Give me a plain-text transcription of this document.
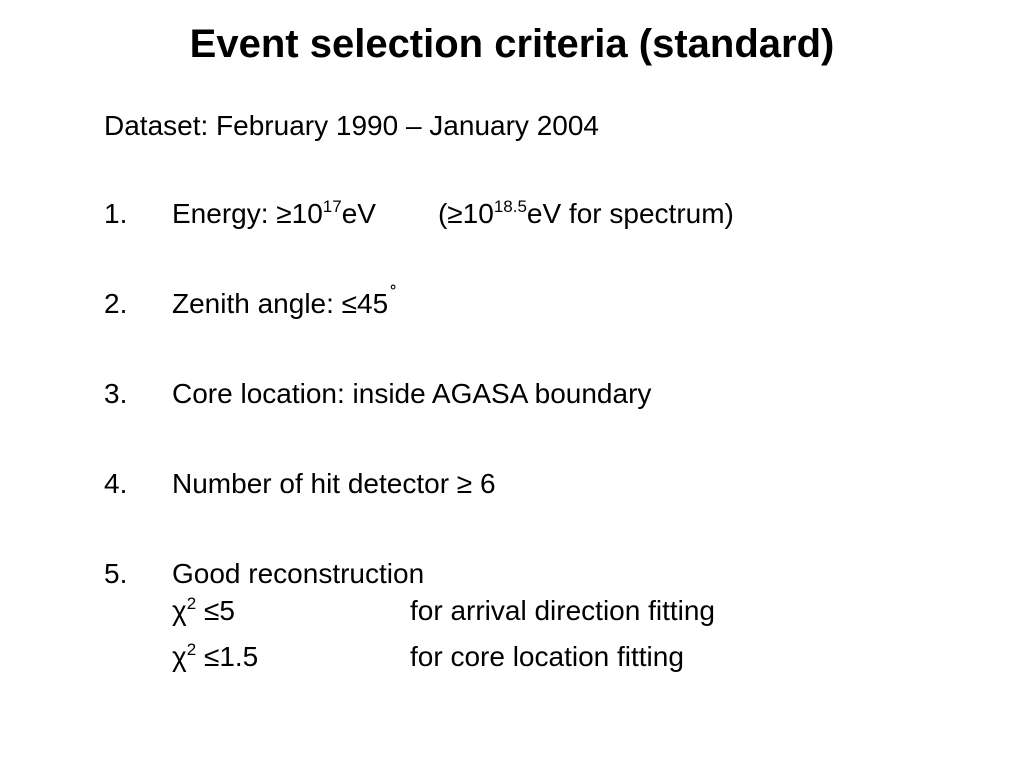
Event selection criteria (standard)
Dataset: February 1990 – January 2004
1. Energy: $\ge 10^{17}eV$ ($\ge 10^{18.5}eV$ for spectrum)
2. Zenith angle: ≤45 ˚
3. Core location: inside AGASA boundary
4. Number of hit detector ≥ 6
5. Good reconstruction
$\chi^2 \le 5$	for arrival direction fitting
$\chi^2 \le 1.5$	for core location fitting
